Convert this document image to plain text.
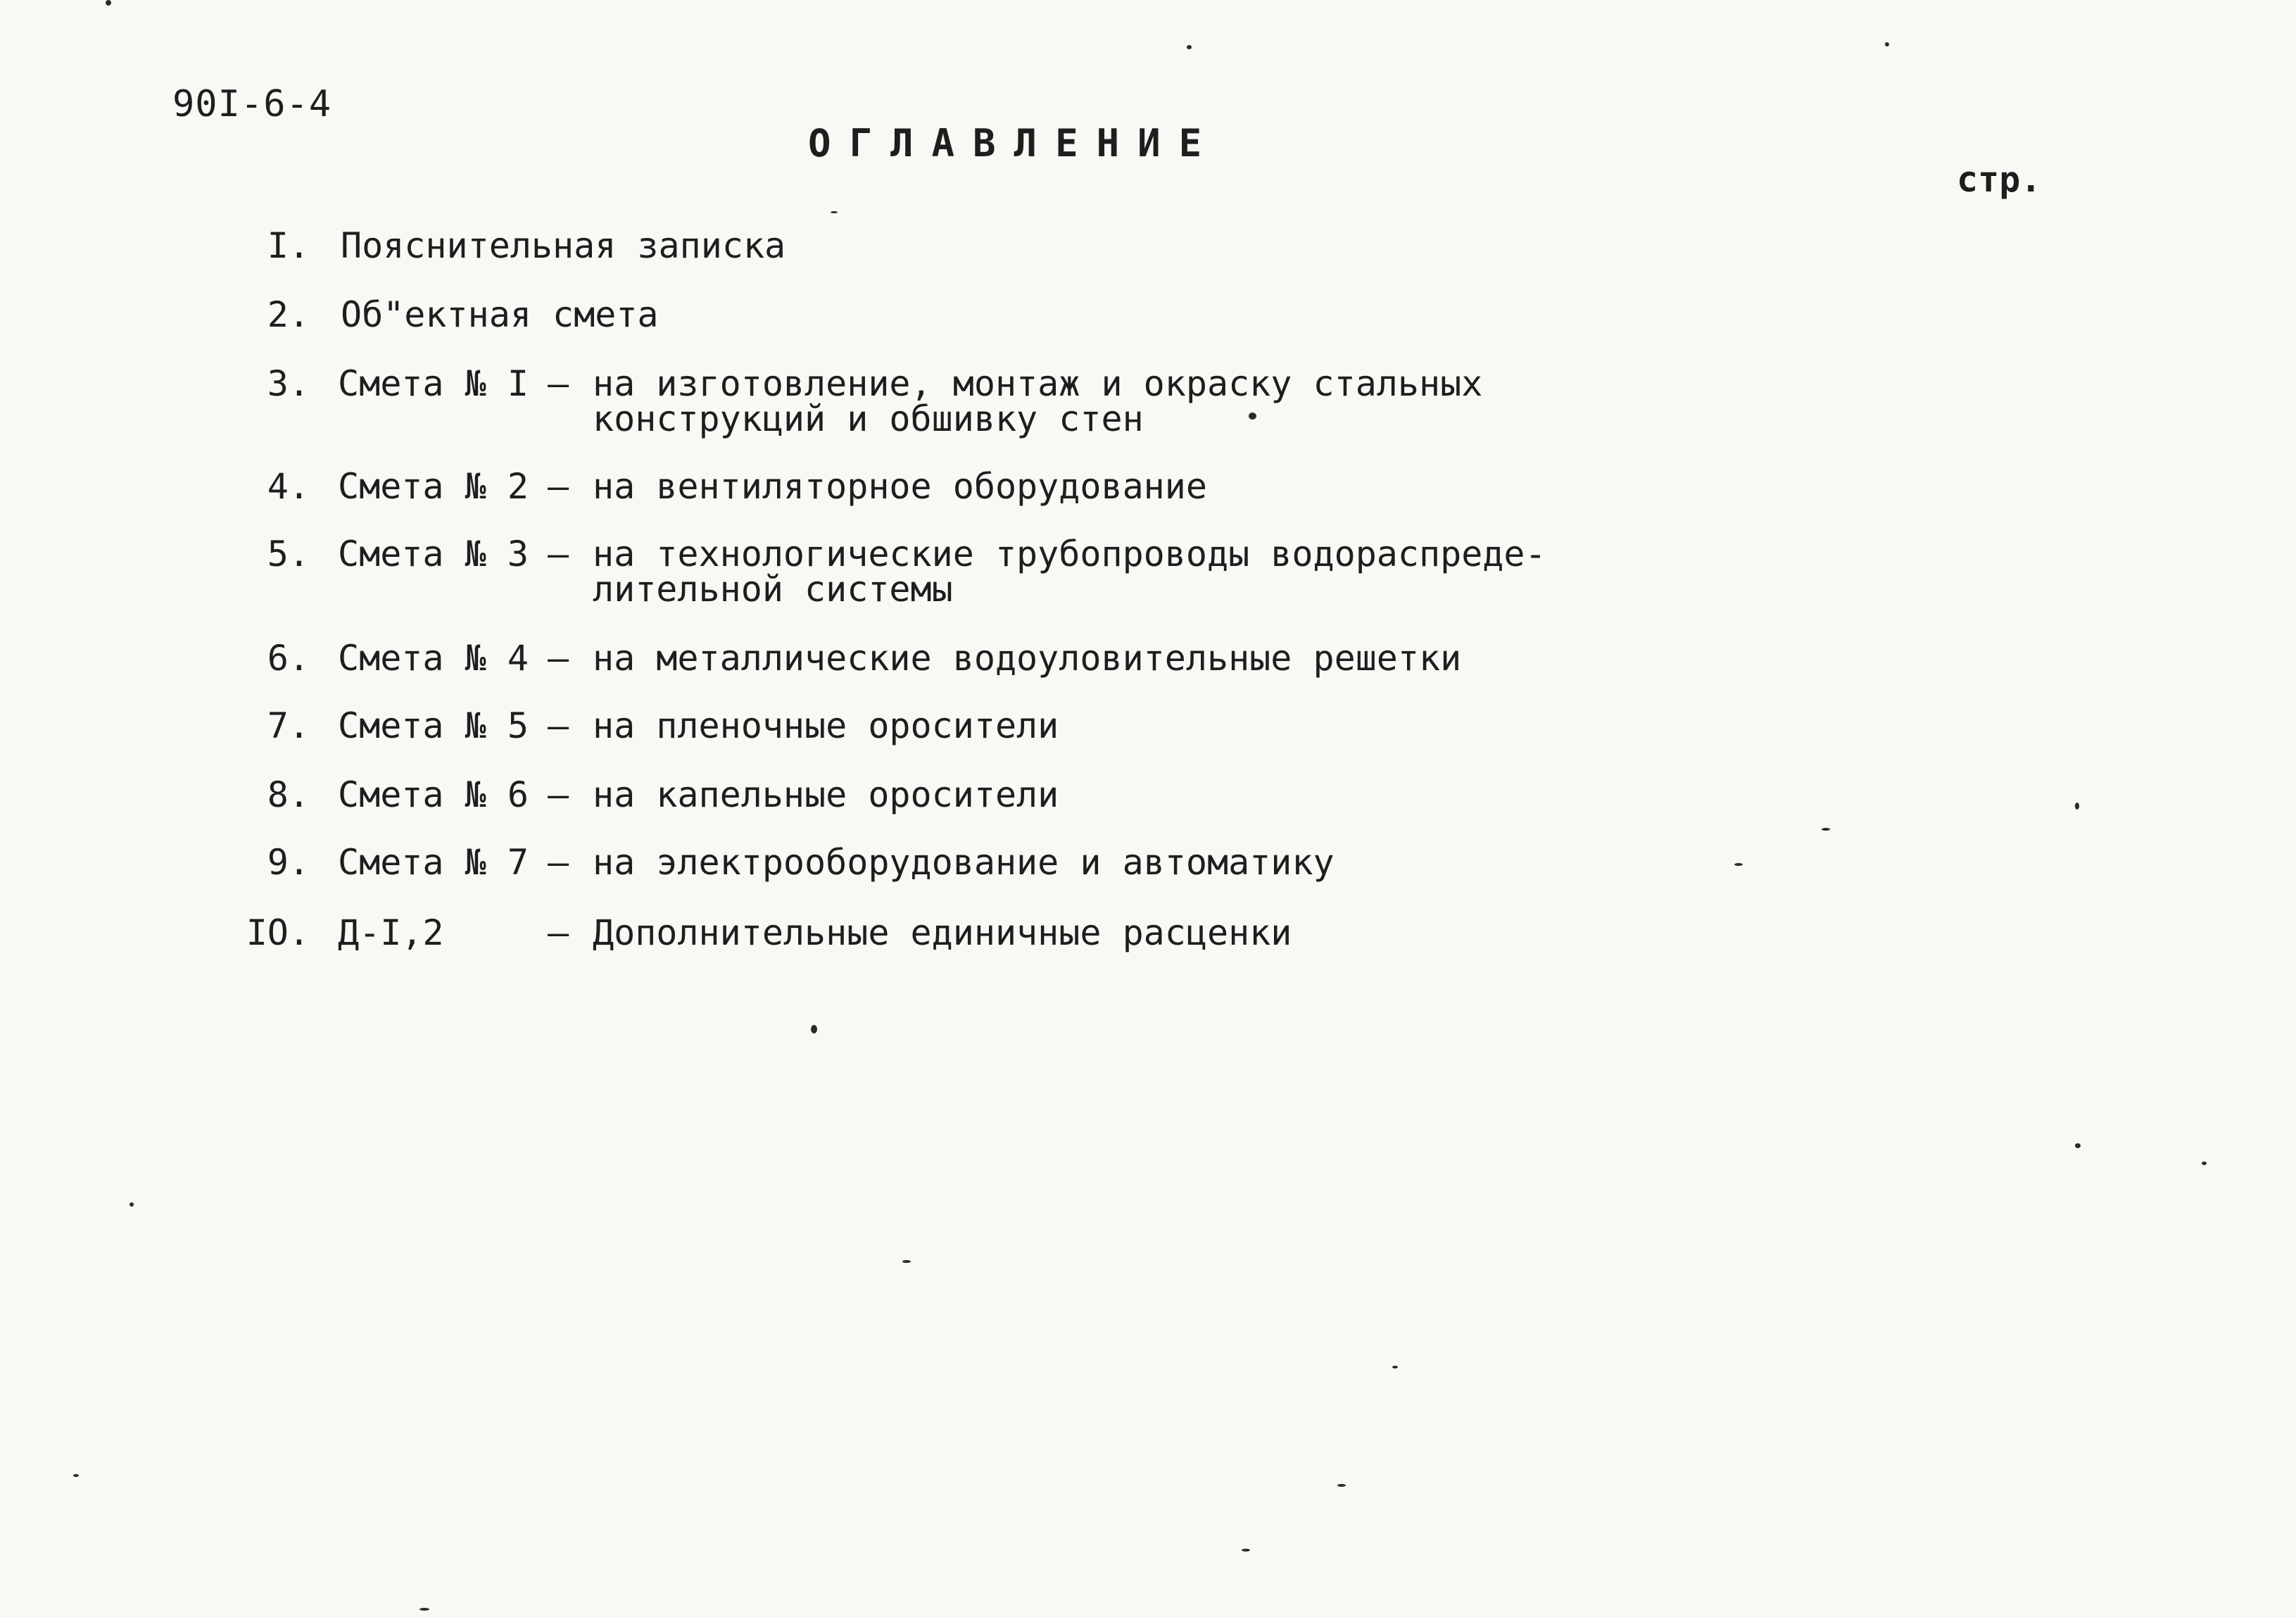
90I-6-4
ОГЛАВЛЕНИЕ
стр.
I. Пояснительная записка
2. Об"ектная смета
3. Смета № I – на изготовление, монтаж и окраску стальных
конструкций и обшивку стен
4. Смета № 2 – на вентиляторное оборудование
5. Смета № 3 – на технологические трубопроводы водораспреде-
лительной системы
6. Смета № 4 – на металлические водоуловительные решетки
7. Смета № 5 – на пленочные оросители
8. Смета № 6 – на капельные оросители
9. Смета № 7 – на электрооборудование и автоматику
IO. Д-I,2	– Дополнительные единичные расценки
